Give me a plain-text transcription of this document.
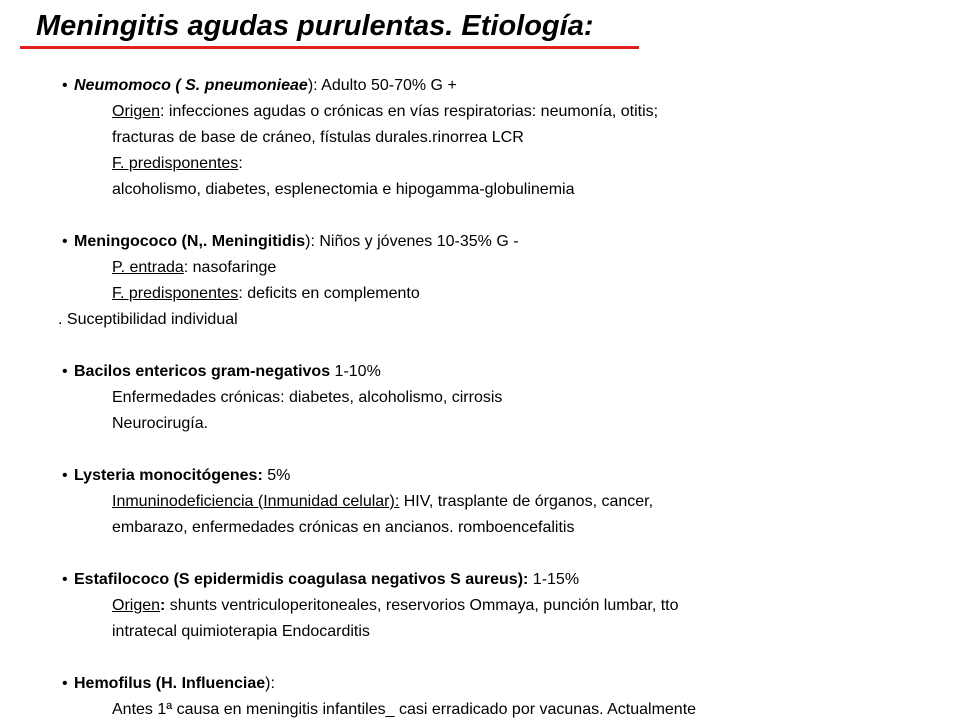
Meningitis agudas purulentas. Etiología:
• Neumomoco ( S. pneumonieae): Adulto 50-70% G +
Origen: infecciones agudas o crónicas en vías respiratorias: neumonía, otitis;
fracturas de base de cráneo, fístulas durales.rinorrea LCR
F. predisponentes:
alcoholismo, diabetes, esplenectomia e hipogamma-globulinemia
• Meningococo (N,. Meningitidis): Niños y jóvenes 10-35% G -
P. entrada: nasofaringe
F. predisponentes: deficits en complemento
. Suceptibilidad individual
• Bacilos entericos gram-negativos 1-10%
Enfermedades crónicas: diabetes, alcoholismo, cirrosis
Neurocirugía.
• Lysteria monocitógenes: 5%
Inmuninodeficiencia (Inmunidad celular): HIV, trasplante de órganos, cancer,
embarazo, enfermedades crónicas en ancianos. romboencefalitis
• Estafilococo (S epidermidis coagulasa negativos S aureus): 1-15%
Origen: shunts ventriculoperitoneales, reservorios Ommaya, punción lumbar, tto
intratecal quimioterapia Endocarditis
• Hemofilus (H. Influenciae):
Antes 1ª causa en meningitis infantiles_ casi erradicado por vacunas. Actualmente
